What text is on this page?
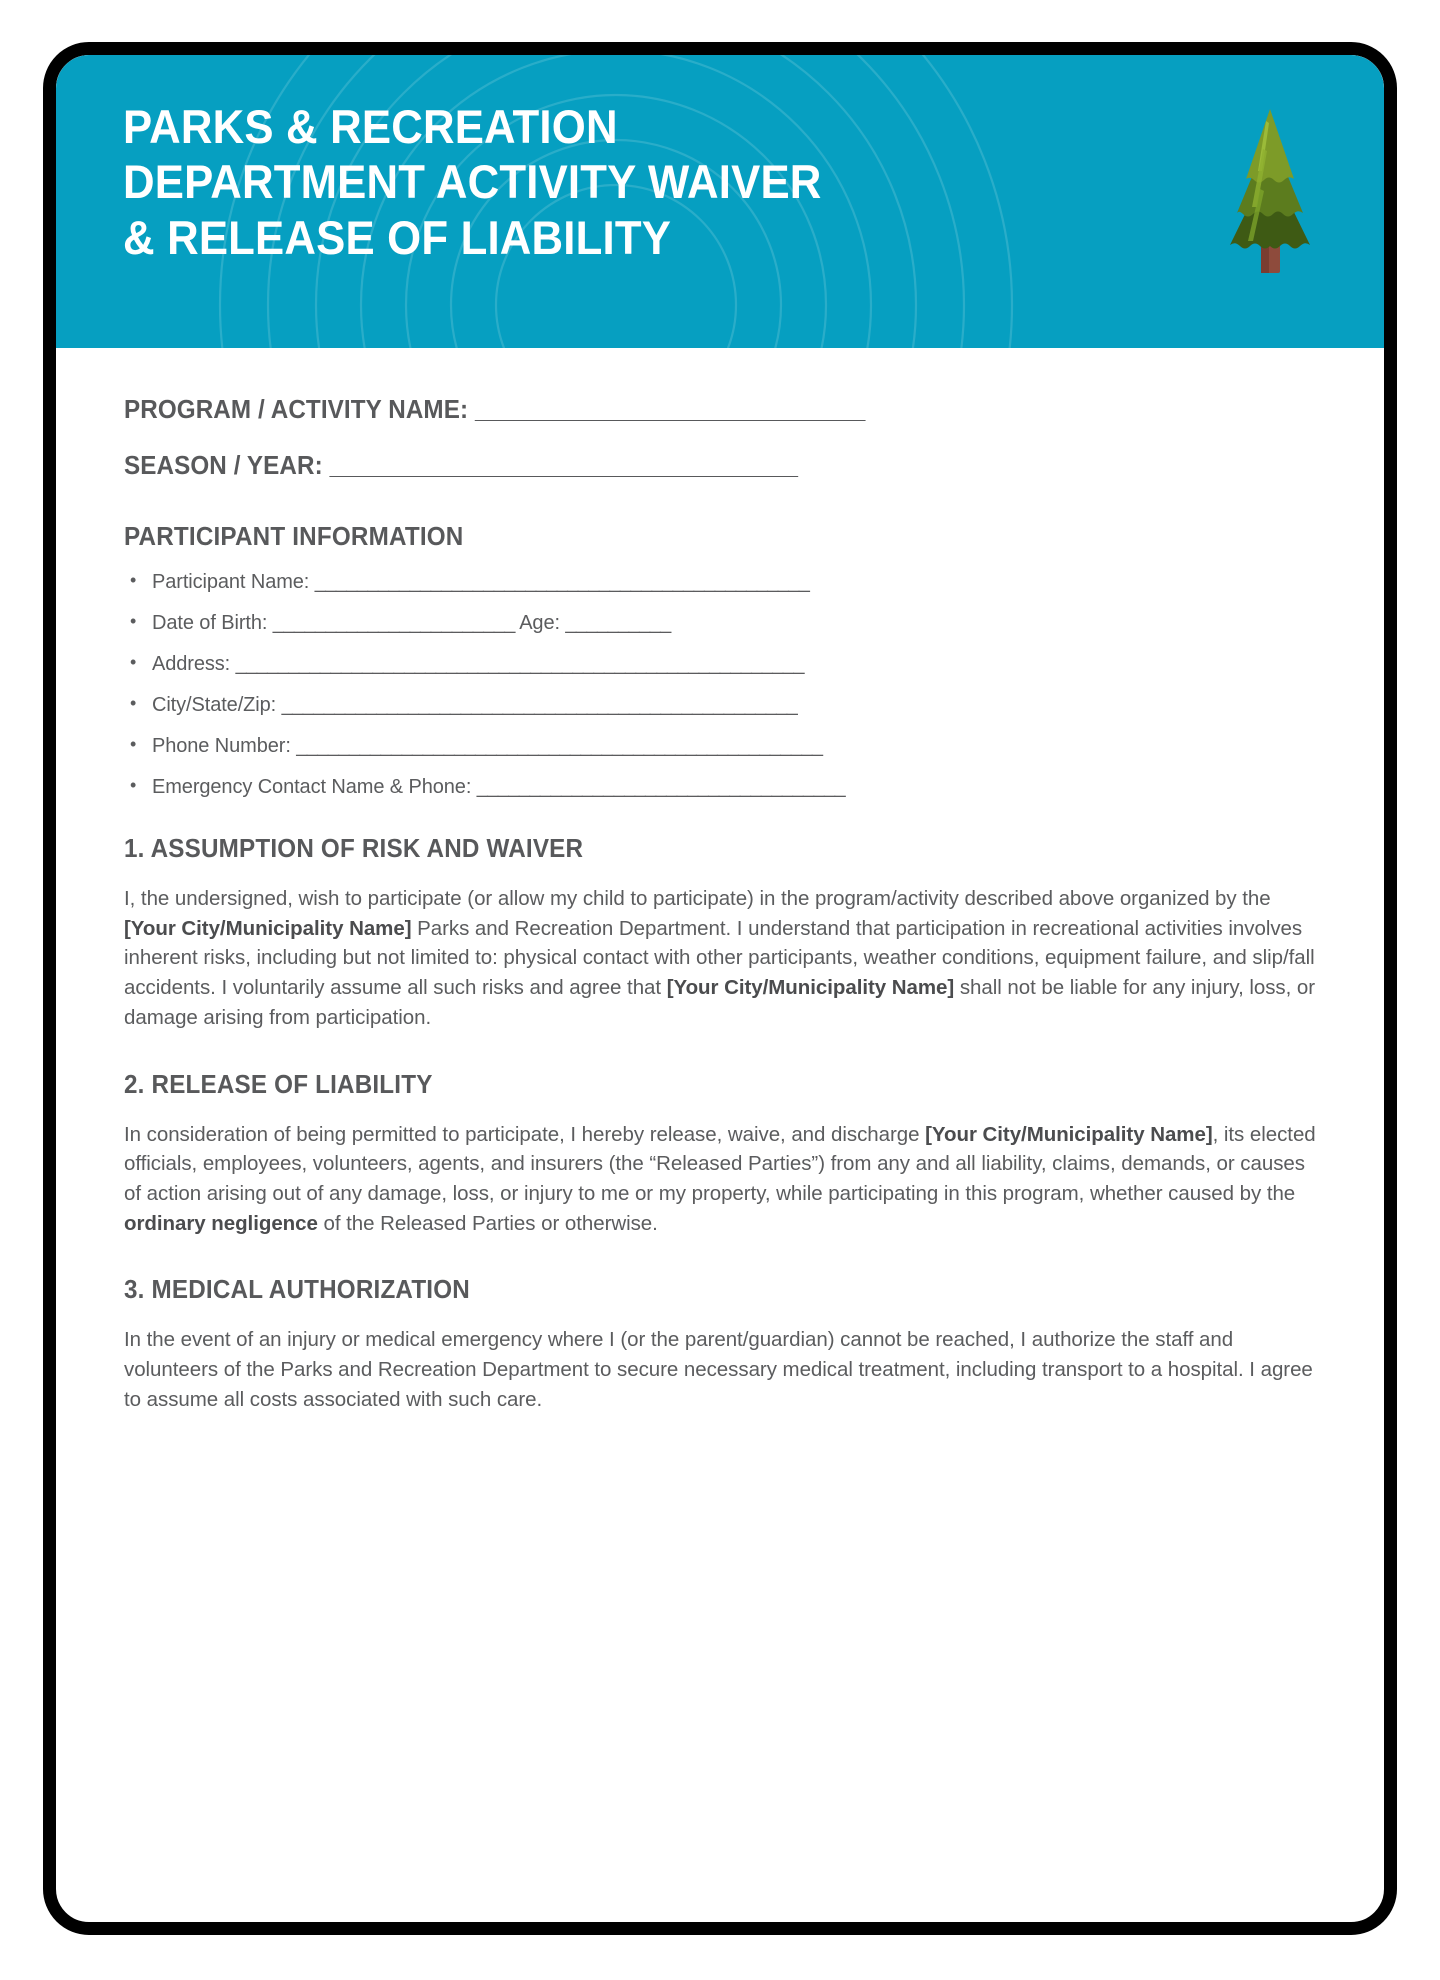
PARKS & RECREATION DEPARTMENT ACTIVITY WAIVER & RELEASE OF LIABILITY
PROGRAM / ACTIVITY NAME: ______________________________
SEASON / YEAR: ____________________________________
PARTICIPANT INFORMATION
• Participant Name: _______________________________________________
• Date of Birth: _______________________ Age: __________
• Address: ______________________________________________________
• City/State/Zip: _________________________________________________
• Phone Number: __________________________________________________
• Emergency Contact Name & Phone: ___________________________________
1. ASSUMPTION OF RISK AND WAIVER

I, the undersigned, wish to participate (or allow my child to participate) in the program/activity described above organized by the [Your City/Municipality Name] Parks and Recreation Department. I understand that participation in recreational activities involves inherent risks, including but not limited to: physical contact with other participants, weather conditions, equipment failure, and slip/fall accidents. I voluntarily assume all such risks and agree that [Your City/Municipality Name] shall not be liable for any injury, loss, or damage arising from participation.

2. RELEASE OF LIABILITY

In consideration of being permitted to participate, I hereby release, waive, and discharge [Your City/Municipality Name], its elected officials, employees, volunteers, agents, and insurers (the “Released Parties”) from any and all liability, claims, demands, or causes of action arising out of any damage, loss, or injury to me or my property, while participating in this program, whether caused by the ordinary negligence of the Released Parties or otherwise.

3. MEDICAL AUTHORIZATION

In the event of an injury or medical emergency where I (or the parent/guardian) cannot be reached, I authorize the staff and volunteers of the Parks and Recreation Department to secure necessary medical treatment, including transport to a hospital. I agree to assume all costs associated with such care.
